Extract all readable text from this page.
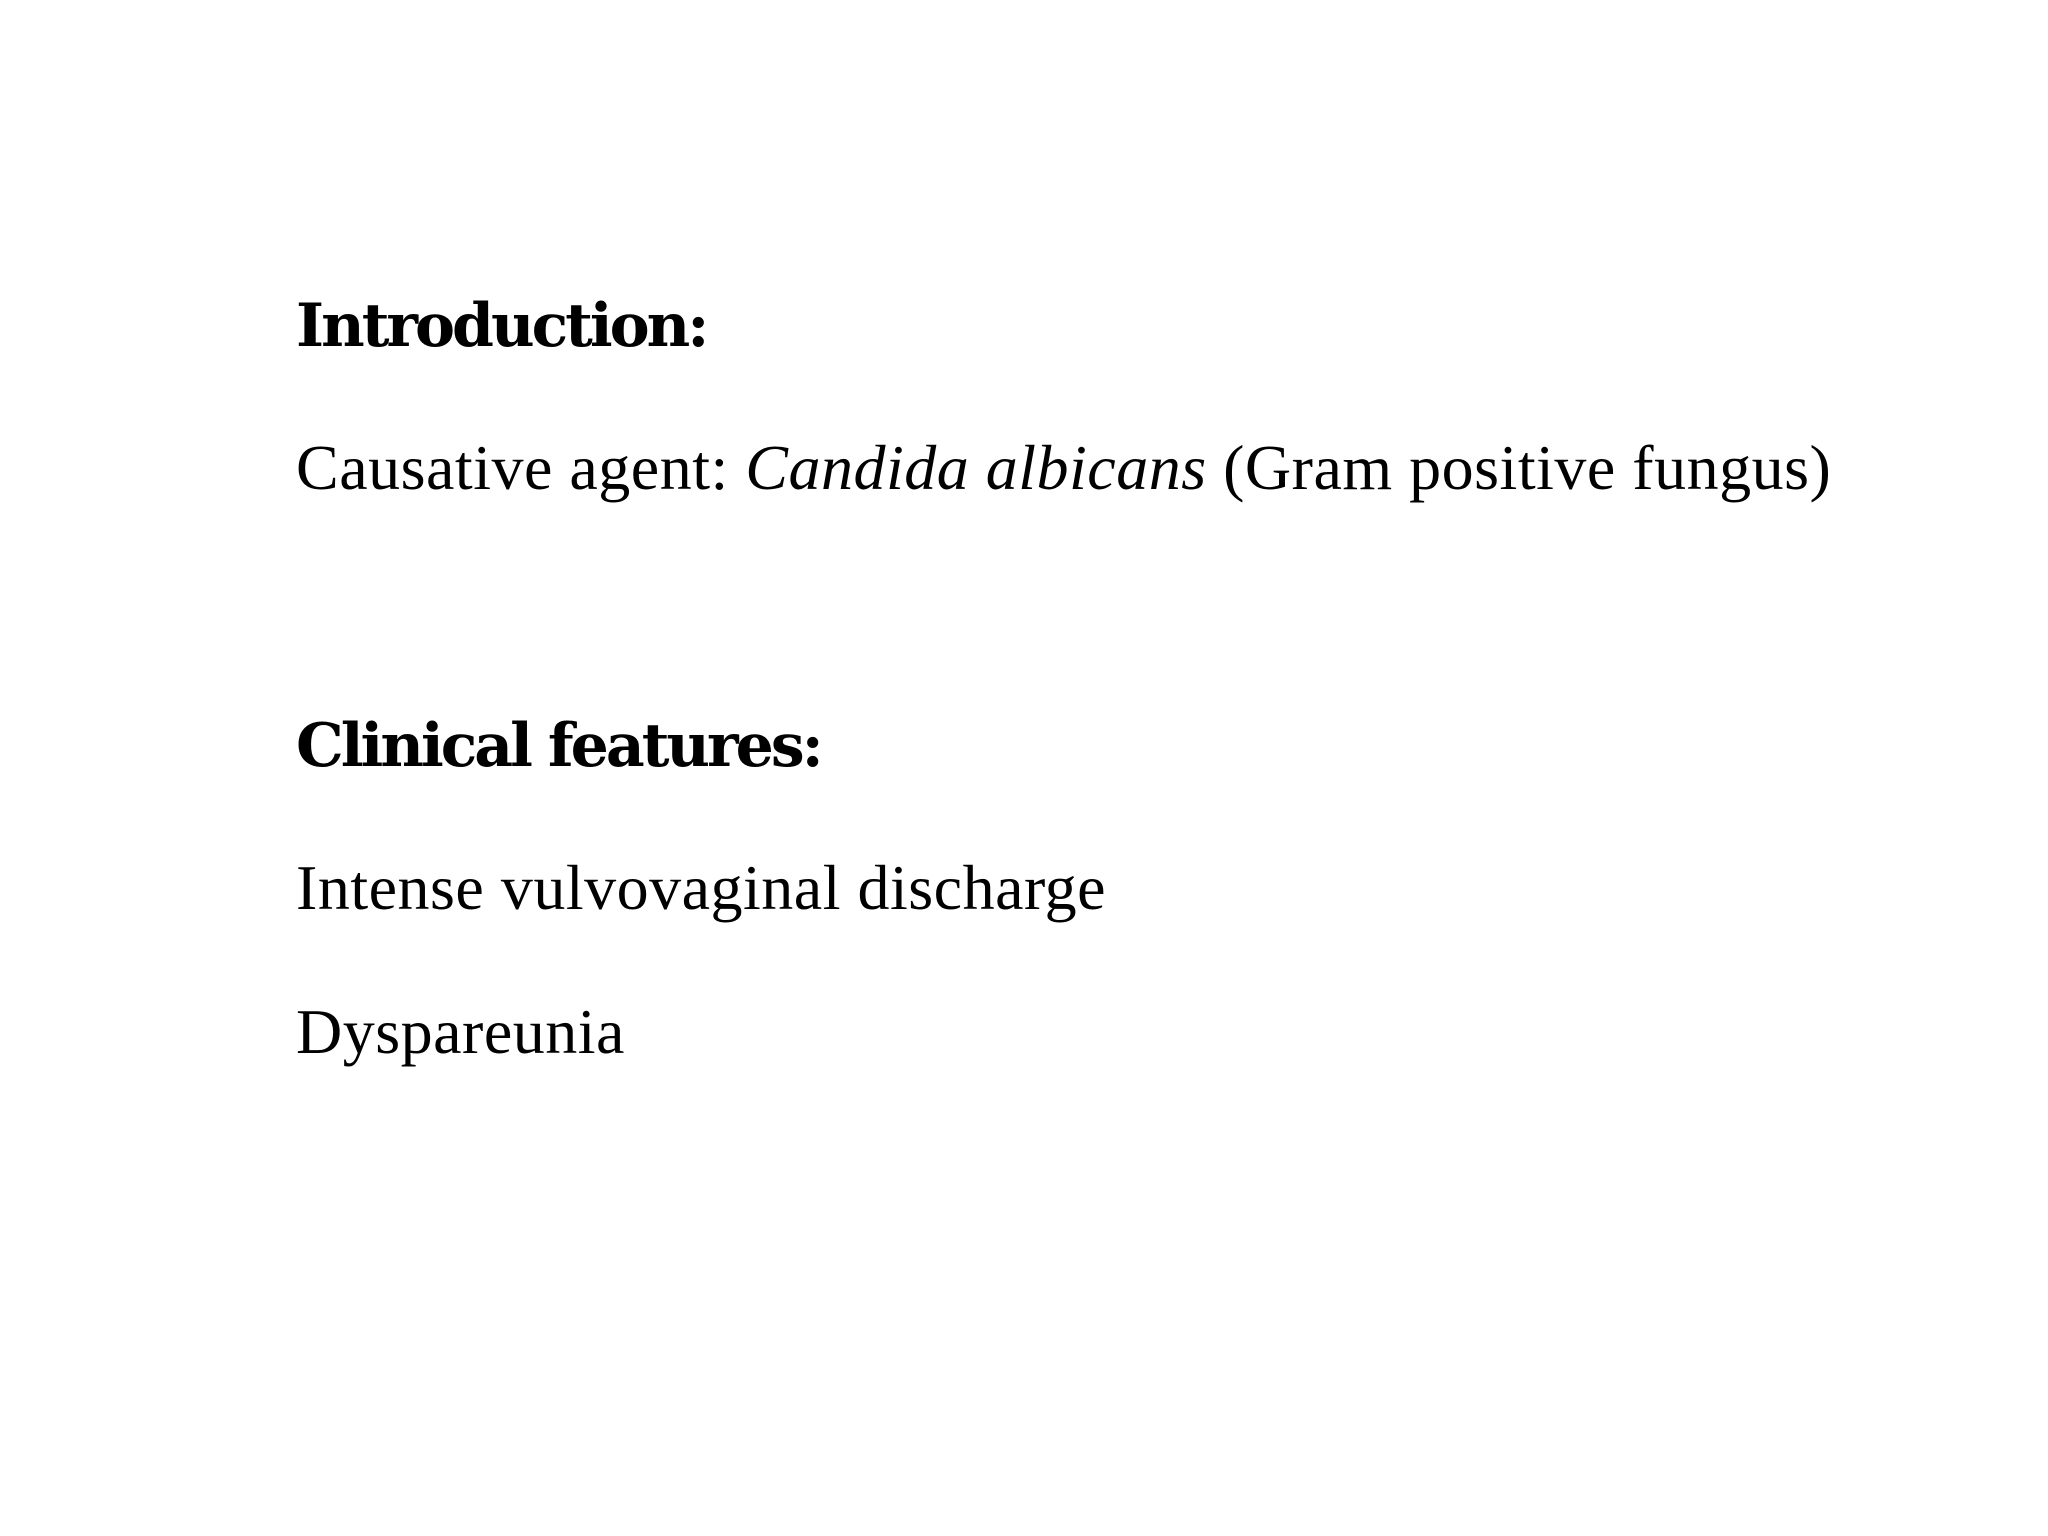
Introduction:
Causative agent: Candida albicans (Gram positive fungus)
Clinical features:
Intense vulvovaginal discharge
Dyspareunia
